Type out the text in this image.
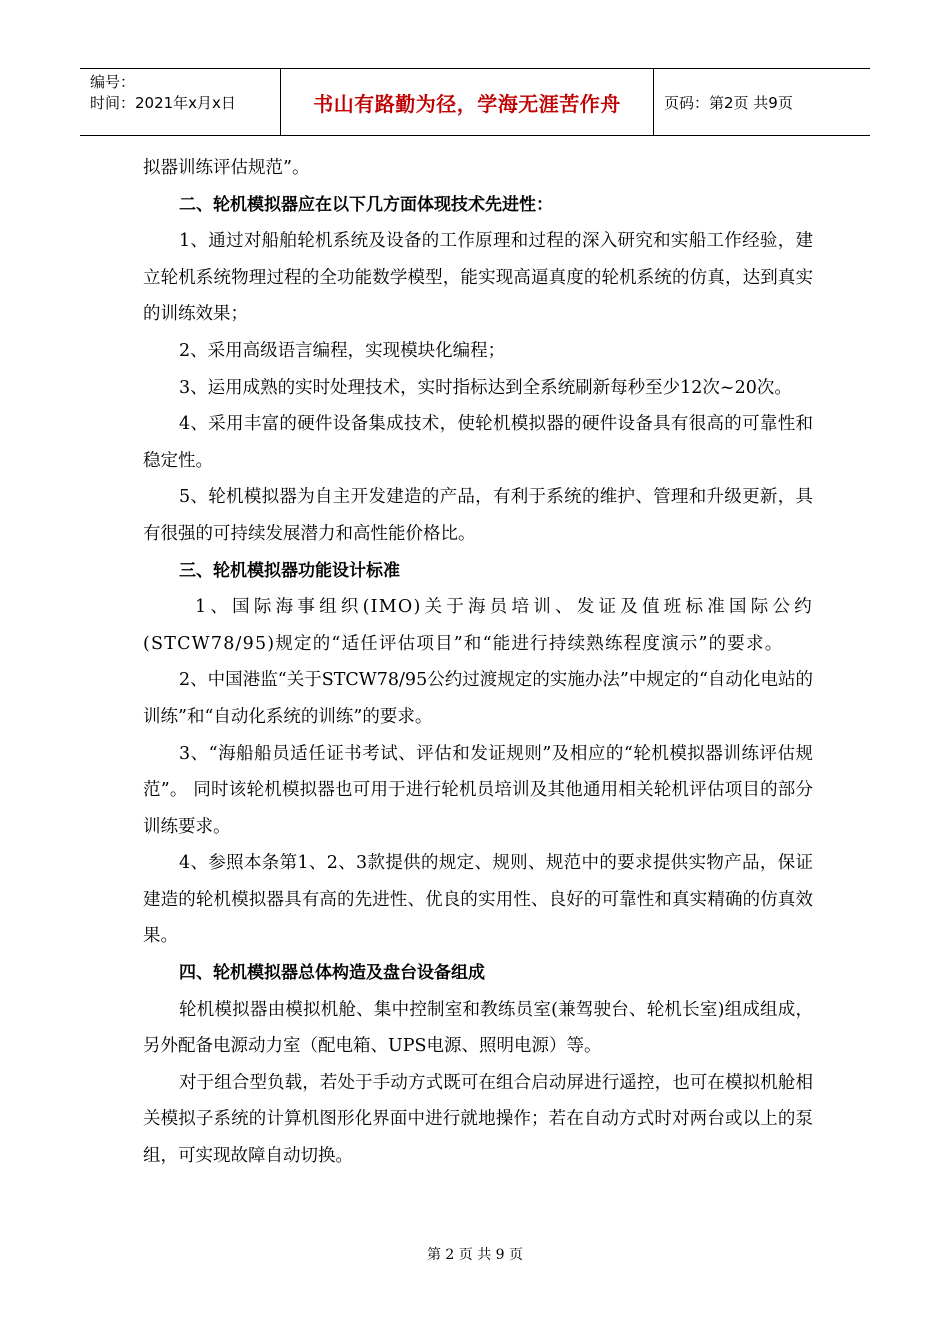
编号：
时间：2021年x月x日	书山有路勤为径，学海无涯苦作舟	页码：第2页 共9页

拟器训练评估规范”。

二、轮机模拟器应在以下几方面体现技术先进性：

1、通过对船舶轮机系统及设备的工作原理和过程的深入研究和实船工作经验，建立轮机系统物理过程的全功能数学模型，能实现高逼真度的轮机系统的仿真，达到真实的训练效果；

2、采用高级语言编程，实现模块化编程；

3、运用成熟的实时处理技术，实时指标达到全系统刷新每秒至少12次~20次。

4、采用丰富的硬件设备集成技术，使轮机模拟器的硬件设备具有很高的可靠性和稳定性。

5、轮机模拟器为自主开发建造的产品，有利于系统的维护、管理和升级更新，具有很强的可持续发展潜力和高性能价格比。

三、轮机模拟器功能设计标准

1、国际海事组织(IMO)关于海员培训、发证及值班标准国际公约(STCW78/95)规定的“适任评估项目”和“能进行持续熟练程度演示”的要求。

2、中国港监“关于STCW78/95公约过渡规定的实施办法”中规定的“自动化电站的训练”和“自动化系统的训练”的要求。

3、“海船船员适任证书考试、评估和发证规则”及相应的“轮机模拟器训练评估规范”。 同时该轮机模拟器也可用于进行轮机员培训及其他通用相关轮机评估项目的部分训练要求。

4、参照本条第1、2、3款提供的规定、规则、规范中的要求提供实物产品，保证建造的轮机模拟器具有高的先进性、优良的实用性、良好的可靠性和真实精确的仿真效果。

四、轮机模拟器总体构造及盘台设备组成

轮机模拟器由模拟机舱、集中控制室和教练员室(兼驾驶台、轮机长室)组成组成，另外配备电源动力室（配电箱、UPS电源、照明电源）等。

对于组合型负载，若处于手动方式既可在组合启动屏进行遥控，也可在模拟机舱相关模拟子系统的计算机图形化界面中进行就地操作；若在自动方式时对两台或以上的泵组，可实现故障自动切换。

第 2 页 共 9 页
